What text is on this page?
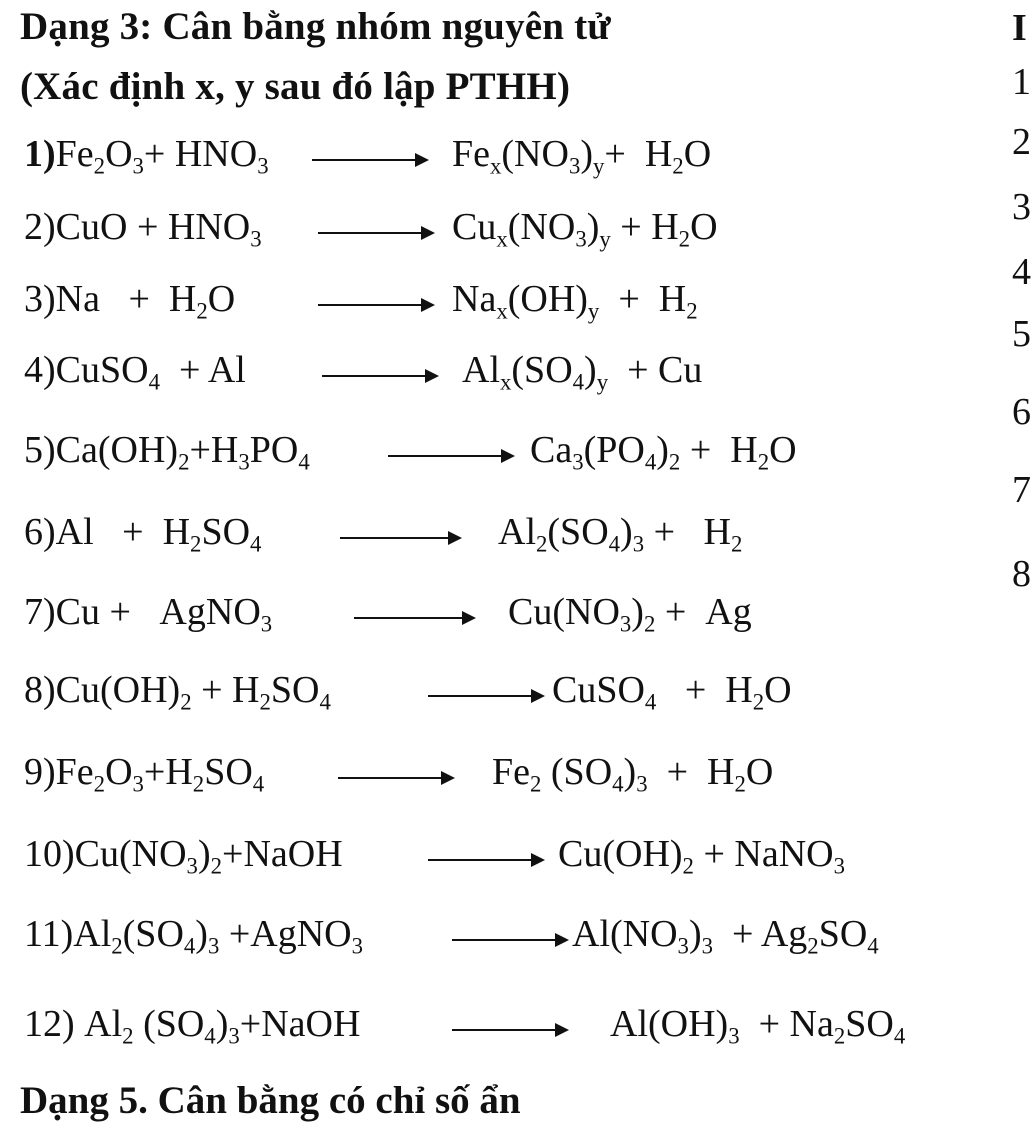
Dạng 3: Cân bằng nhóm nguyên tử
(Xác định x, y sau đó lập PTHH)
$1)Fe_2O_3+ HNO_3 \to Fe_x(NO_3)_y+ H_2O$
$2)CuO + HNO_3 \to Cu_x(NO_3)_y + H_2O$
$3)Na + H_2O \to Na_x(OH)_y + H_2$
4)CuSO$_4$  + $Al \to Al_x(SO_4)_y + Cu$
$5)Ca(OH)_2+H_3PO_4 \to Ca_3(PO_4)_2 + H_2O$
$6)Al + H_2SO_4 \to Al_2(SO_4)_3 + H_2$
7)Cu +   AgNO$_3$ → $Cu(NO_3)_2 + Ag$
$8)Cu(OH)_2 + H_2SO_4$	→ CuSO$_4$   +  $H_2O$
$9)Fe_2O_3+H_2SO_4 \to Fe_2$ $(SO_4)_3 + H_2O$
$10)Cu(NO_3)_2+NaOH \to Cu(OH)_2$ + NaNO$_3$
$11)Al_2(SO_4)_3$ +AgNO$_3$ → $Al(NO_3)_3 + Ag_2SO_4$
12) $Al_2$ $(SO_4)_3+NaOH \to Al(OH)_3 + Na_2SO_4$
I
1
2
3
4
5
6
7
8
Dạng 5. Cân bằng có chỉ số ẩn
